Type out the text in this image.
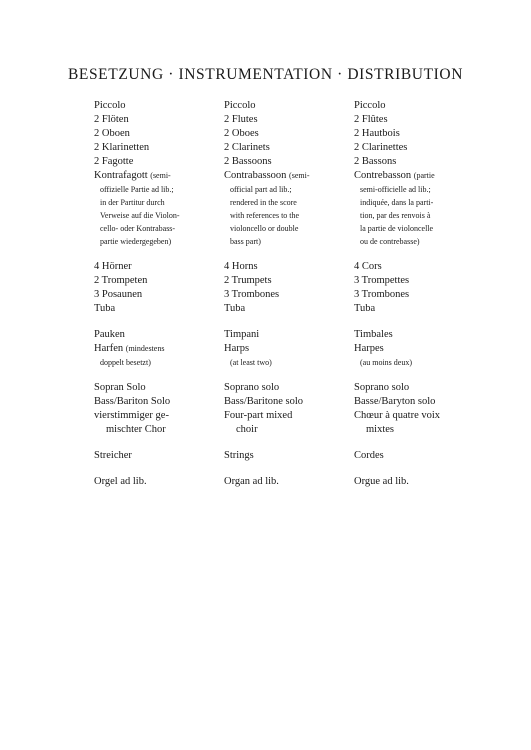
BESETZUNG · INSTRUMENTATION · DISTRIBUTION
Piccolo
2 Flöten
2 Oboen
2 Klarinetten
2 Fagotte
Kontrafagott (semi-
offizielle Partie ad lib.;
in der Partitur durch
Verweise auf die Violon-
cello- oder Kontrabass-
partie wiedergegeben)
4 Hörner
2 Trompeten
3 Posaunen
Tuba
Pauken
Harfen (mindestens
doppelt besetzt)
Sopran Solo
Bass/Bariton Solo
vierstimmiger ge-
mischter Chor
Streicher
Orgel ad lib.
Piccolo
2 Flutes
2 Oboes
2 Clarinets
2 Bassoons
Contrabassoon (semi-
official part ad lib.;
rendered in the score
with references to the
violoncello or double
bass part)
4 Horns
2 Trumpets
3 Trombones
Tuba
Timpani
Harps
(at least two)
Soprano solo
Bass/Baritone solo
Four-part mixed
choir
Strings
Organ ad lib.
Piccolo
2 Flûtes
2 Hautbois
2 Clarinettes
2 Bassons
Contrebasson (partie
semi-officielle ad lib.;
indiquée, dans la parti-
tion, par des renvois à
la partie de violoncelle
ou de contrebasse)
4 Cors
3 Trompettes
3 Trombones
Tuba
Timbales
Harpes
(au moins deux)
Soprano solo
Basse/Baryton solo
Chœur à quatre voix
mixtes
Cordes
Orgue ad lib.
